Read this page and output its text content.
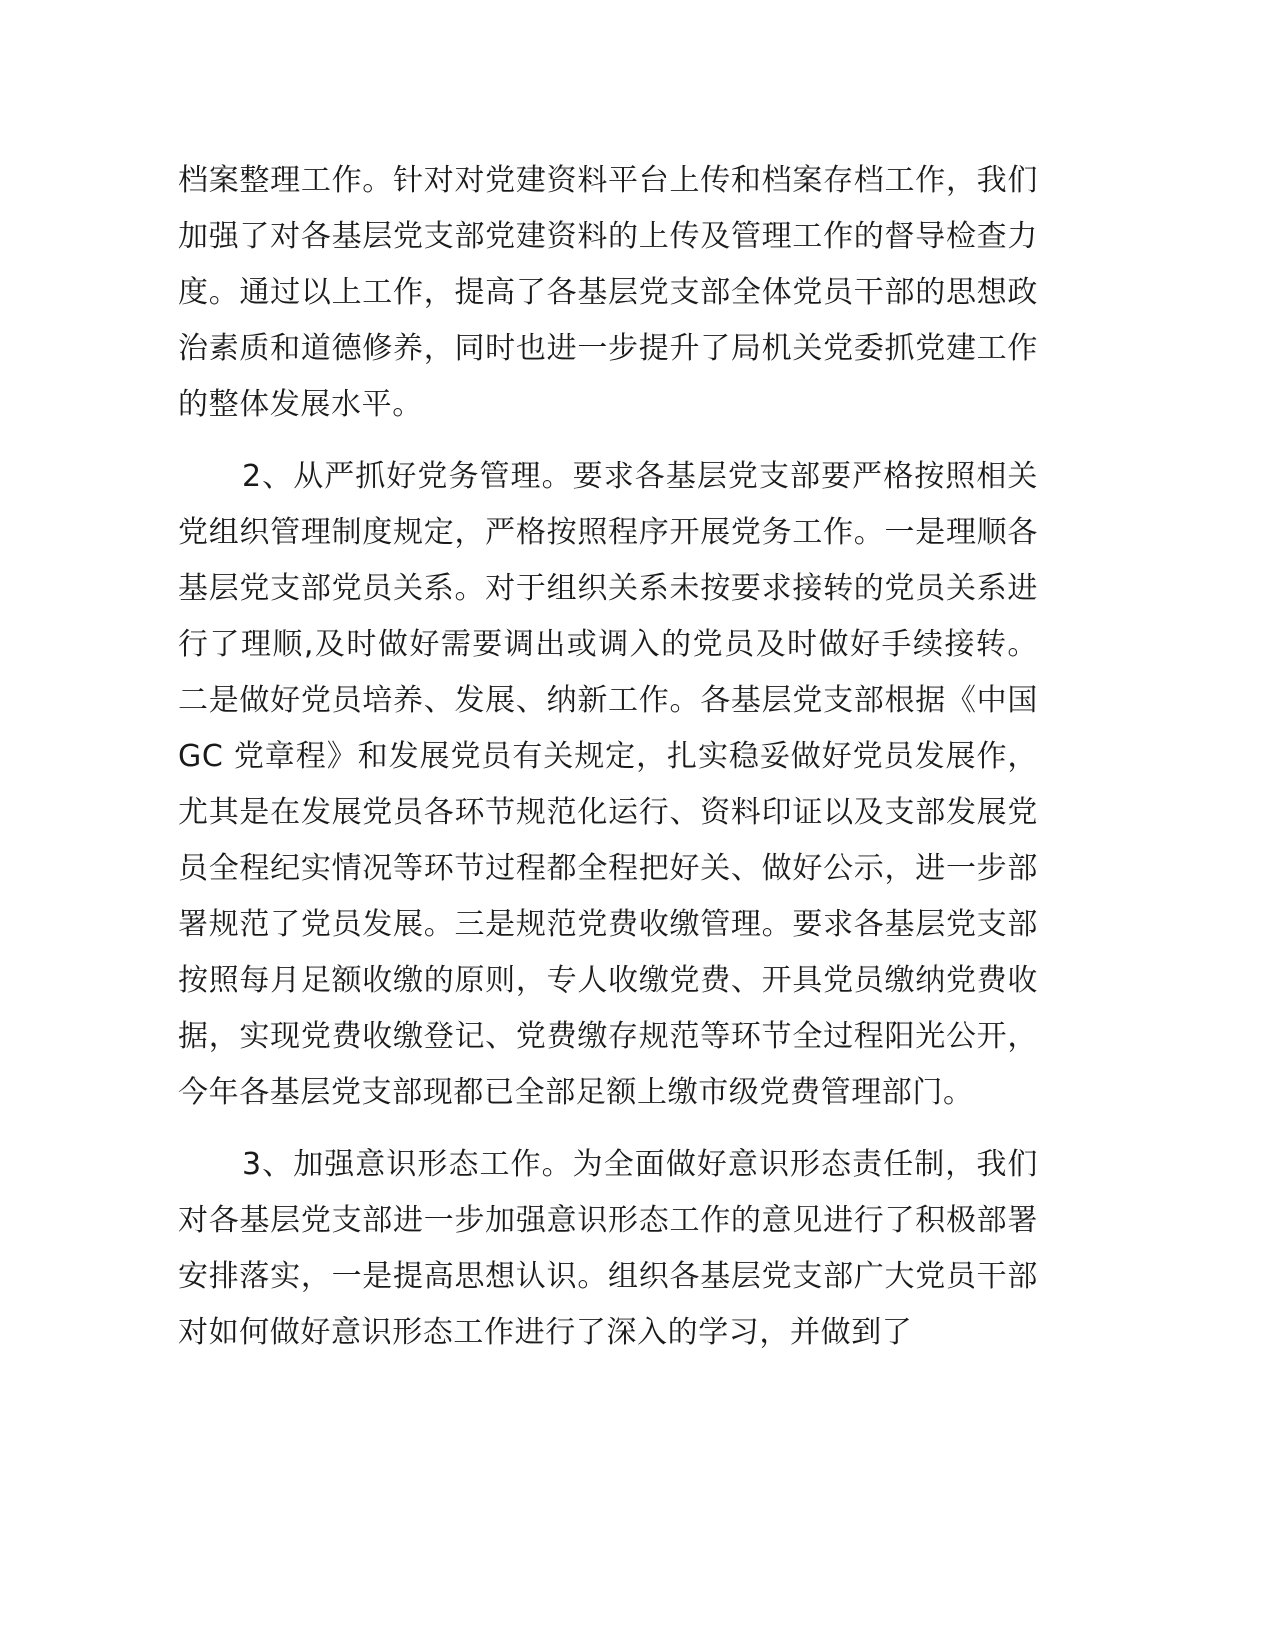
档案整理工作。针对对党建资料平台上传和档案存档工作，我们加强了对各基层党支部党建资料的上传及管理工作的督导检查力度。通过以上工作，提高了各基层党支部全体党员干部的思想政治素质和道德修养，同时也进一步提升了局机关党委抓党建工作的整体发展水平。

2、从严抓好党务管理。要求各基层党支部要严格按照相关党组织管理制度规定，严格按照程序开展党务工作。一是理顺各基层党支部党员关系。对于组织关系未按要求接转的党员关系进行了理顺,及时做好需要调出或调入的党员及时做好手续接转。二是做好党员培养、发展、纳新工作。各基层党支部根据《中国 GC 党章程》和发展党员有关规定，扎实稳妥做好党员发展作，尤其是在发展党员各环节规范化运行、资料印证以及支部发展党员全程纪实情况等环节过程都全程把好关、做好公示，进一步部署规范了党员发展。三是规范党费收缴管理。要求各基层党支部按照每月足额收缴的原则，专人收缴党费、开具党员缴纳党费收据，实现党费收缴登记、党费缴存规范等环节全过程阳光公开，今年各基层党支部现都已全部足额上缴市级党费管理部门。

3、加强意识形态工作。为全面做好意识形态责任制，我们对各基层党支部进一步加强意识形态工作的意见进行了积极部署安排落实，一是提高思想认识。组织各基层党支部广大党员干部对如何做好意识形态工作进行了深入的学习，并做到了
